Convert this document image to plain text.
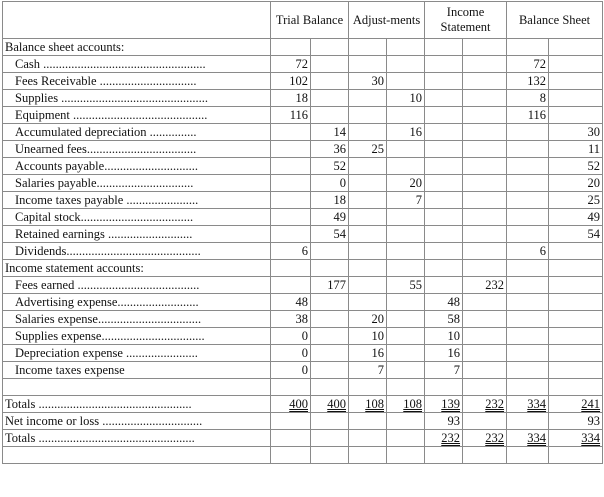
	Trial Balance		Adjust-ments		Income Statement		Balance Sheet	
Balance sheet accounts:								
Cash ....................................................	72						72	
Fees Receivable ...............................	102		30				132	
Supplies ...............................................	18			10			8	
Equipment ...........................................	116						116	
Accumulated depreciation ...............		14		16				30
Unearned fees...................................		36	25					11
Accounts payable..............................		52						52
Salaries payable...............................		0		20				20
Income taxes payable .......................		18		7				25
Capital stock....................................		49						49
Retained earnings ...........................		54						54
Dividends...........................................	6						6	
Income statement accounts:								
Fees earned .......................................		177		55		232		
Advertising expense..........................	48				48			
Salaries expense.................................	38		20		58			
Supplies expense.................................	0		10		10			
Depreciation expense .......................	0		16		16			
Income taxes expense	0		7		7			

Totals .................................................	400	400	108	108	139	232	334	241
Net income or loss ................................					93			93
Totals ..................................................					232	232	334	334
